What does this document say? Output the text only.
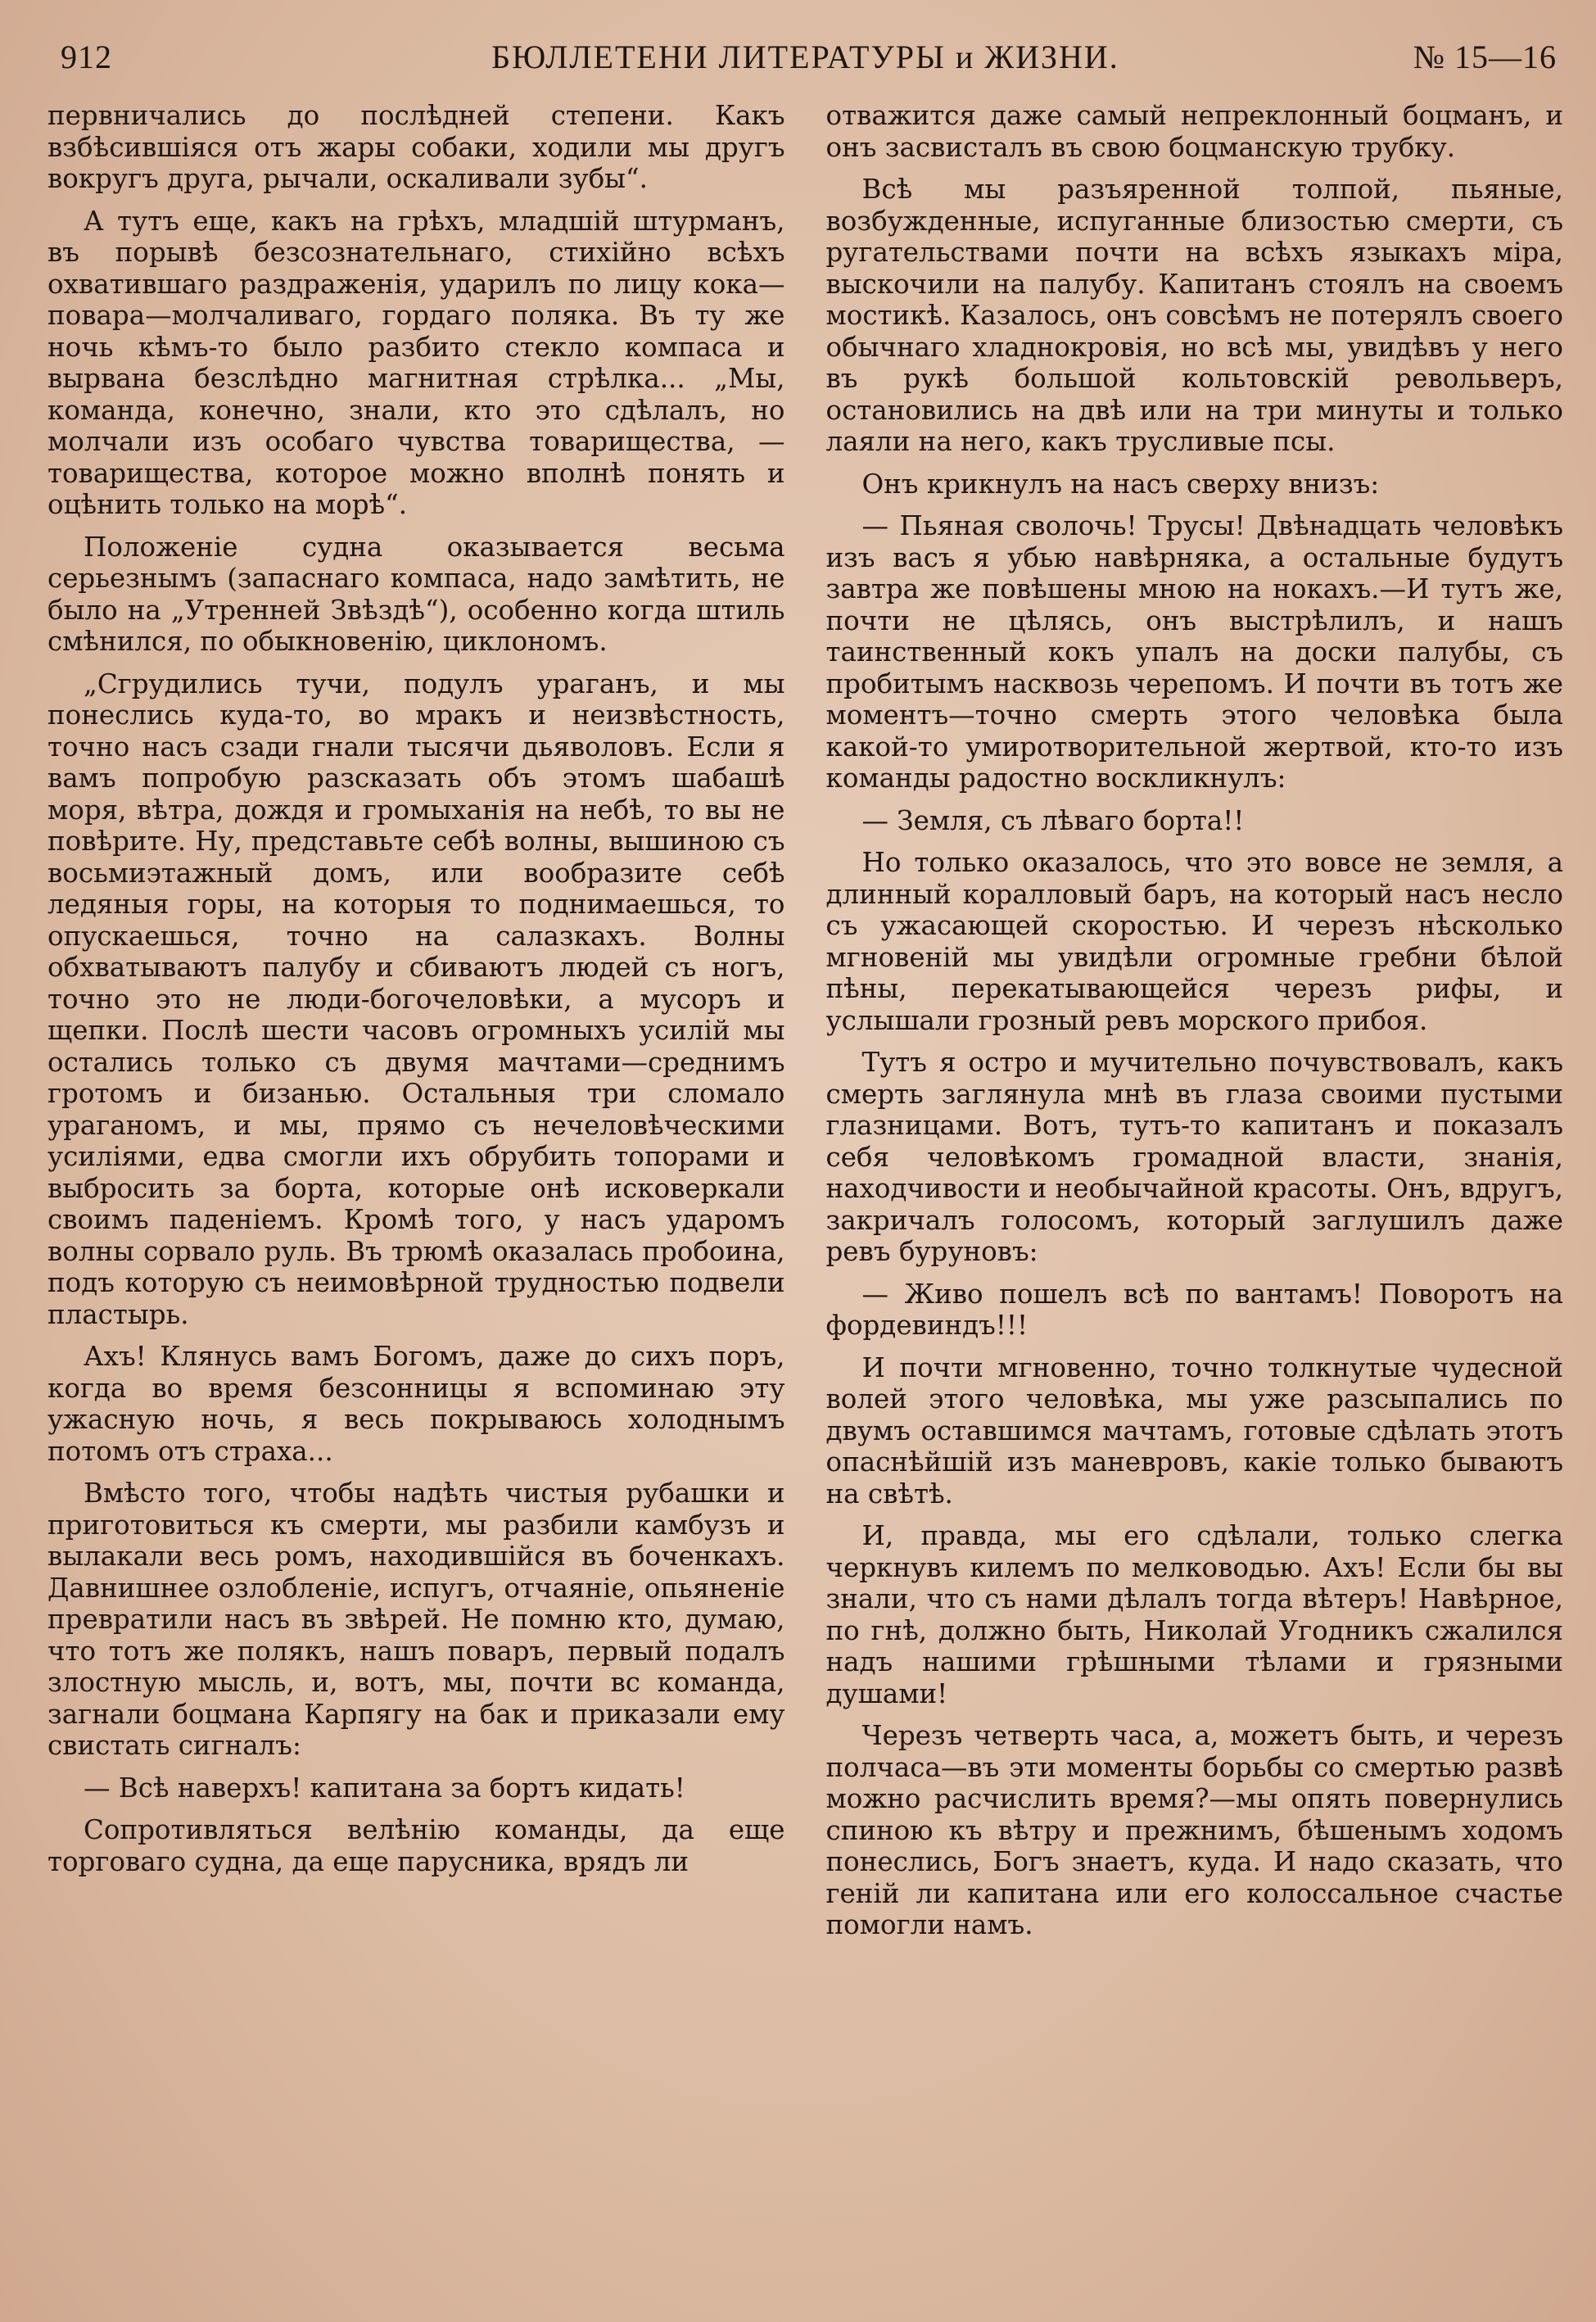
912	БЮЛЛЕТЕНИ ЛИТЕРАТУРЫ и ЖИЗНИ.	№ 15—16

первничались до послѣдней степени. Какъ взбѣсившіяся отъ жары собаки, ходили мы другъ вокругъ друга, рычали, оскаливали зубы“.

А тутъ еще, какъ на грѣхъ, младшій штурманъ, въ порывѣ безсознательнаго, стихійно всѣхъ охватившаго раздраженія, ударилъ по лицу кока—повара—молчаливаго, гордаго поляка. Въ ту же ночь кѣмъ-то было разбито стекло компаса и вырвана безслѣдно магнитная стрѣлка... „Мы, команда, конечно, знали, кто это сдѣлалъ, но молчали изъ особаго чувства товарищества, —товарищества, которое можно вполнѣ понять и оцѣнить только на морѣ“.

Положеніе судна оказывается весьма серьезнымъ (запаснаго компаса, надо замѣтить, не было на „Утренней Звѣздѣ“), особенно когда штиль смѣнился, по обыкновенію, циклономъ.

„Сгрудились тучи, подулъ ураганъ, и мы понеслись куда-то, во мракъ и неизвѣстность, точно насъ сзади гнали тысячи дьяволовъ. Если я вамъ попробую разсказать объ этомъ шабашѣ моря, вѣтра, дождя и громыханія на небѣ, то вы не повѣрите. Ну, представьте себѣ волны, вышиною съ восьмиэтажный домъ, или вообразите себѣ ледяныя горы, на которыя то поднимаешься, то опускаешься, точно на салазкахъ. Волны обхватываютъ палубу и сбиваютъ людей съ ногъ, точно это не люди-богочеловѣки, а мусоръ и щепки. Послѣ шести часовъ огромныхъ усилій мы остались только съ двумя мачтами—среднимъ гротомъ и бизанью. Остальныя три сломало ураганомъ, и мы, прямо съ нечеловѣческими усиліями, едва смогли ихъ обрубить топорами и выбросить за борта, которые онѣ исковеркали своимъ паденіемъ. Кромѣ того, у насъ ударомъ волны сорвало руль. Въ трюмѣ оказалась пробоина, подъ которую съ неимовѣрной трудностью подвели пластырь.

Ахъ! Клянусь вамъ Богомъ, даже до сихъ поръ, когда во время безсонницы я вспоминаю эту ужасную ночь, я весь покрываюсь холоднымъ потомъ отъ страха...

Вмѣсто того, чтобы надѣть чистыя рубашки и приготовиться къ смерти, мы разбили камбузъ и вылакали весь ромъ, находившійся въ боченкахъ. Давнишнее озлобленіе, испугъ, отчаяніе, опьяненіе превратили насъ въ звѣрей. Не помню кто, думаю, что тотъ же полякъ, нашъ поваръ, первый подалъ злостную мысль, и, вотъ, мы, почти вс команда, загнали боцмана Карпягу на бак и приказали ему свистать сигналъ:

— Всѣ наверхъ! капитана за бортъ кидать!

Сопротивляться велѣнію команды, да еще торговаго судна, да еще парусника, врядъ ли

отважится даже самый непреклонный боцманъ, и онъ засвисталъ въ свою боцманскую трубку.

Всѣ мы разъяренной толпой, пьяные, возбужденные, испуганные близостью смерти, съ ругательствами почти на всѣхъ языкахъ міра, выскочили на палубу. Капитанъ стоялъ на своемъ мостикѣ. Казалось, онъ совсѣмъ не потерялъ своего обычнаго хладнокровія, но всѣ мы, увидѣвъ у него въ рукѣ большой кольтовскій револьверъ, остановились на двѣ или на три минуты и только лаяли на него, какъ трусливые псы.

Онъ крикнулъ на насъ сверху внизъ:

— Пьяная сволочь! Трусы! Двѣнадцать человѣкъ изъ васъ я убью навѣрняка, а остальные будутъ завтра же повѣшены мною на нокахъ.—И тутъ же, почти не цѣлясь, онъ выстрѣлилъ, и нашъ таинственный кокъ упалъ на доски палубы, съ пробитымъ насквозь черепомъ. И почти въ тотъ же моментъ—точно смерть этого человѣка была какой-то умиротворительной жертвой, кто-то изъ команды радостно воскликнулъ:

— Земля, съ лѣваго борта!!

Но только оказалось, что это вовсе не земля, а длинный коралловый баръ, на который насъ несло съ ужасающей скоростью. И черезъ нѣсколько мгновеній мы увидѣли огромные гребни бѣлой пѣны, перекатывающейся черезъ рифы, и услышали грозный ревъ морского прибоя.

Тутъ я остро и мучительно почувствовалъ, какъ смерть заглянула мнѣ въ глаза своими пустыми глазницами. Вотъ, тутъ-то капитанъ и показалъ себя человѣкомъ громадной власти, знанія, находчивости и необычайной красоты. Онъ, вдругъ, закричалъ голосомъ, который заглушилъ даже ревъ буруновъ:

— Живо пошелъ всѣ по вантамъ! Поворотъ на фордевиндъ!!!

И почти мгновенно, точно толкнутые чудесной волей этого человѣка, мы уже разсыпались по двумъ оставшимся мачтамъ, готовые сдѣлать этотъ опаснѣйшій изъ маневровъ, какіе только бываютъ на свѣтѣ.

И, правда, мы его сдѣлали, только слегка черкнувъ килемъ по мелководью. Ахъ! Если бы вы знали, что съ нами дѣлалъ тогда вѣтеръ! Навѣрное, по гнѣ, должно быть, Николай Угодникъ сжалился надъ нашими грѣшными тѣлами и грязными душами!

Черезъ четверть часа, а, можетъ быть, и черезъ полчаса—въ эти моменты борьбы со смертью развѣ можно расчислить время?—мы опять повернулись спиною къ вѣтру и прежнимъ, бѣшенымъ ходомъ понеслись, Богъ знаетъ, куда. И надо сказать, что геній ли капитана или его колоссальное счастье помогли намъ.
